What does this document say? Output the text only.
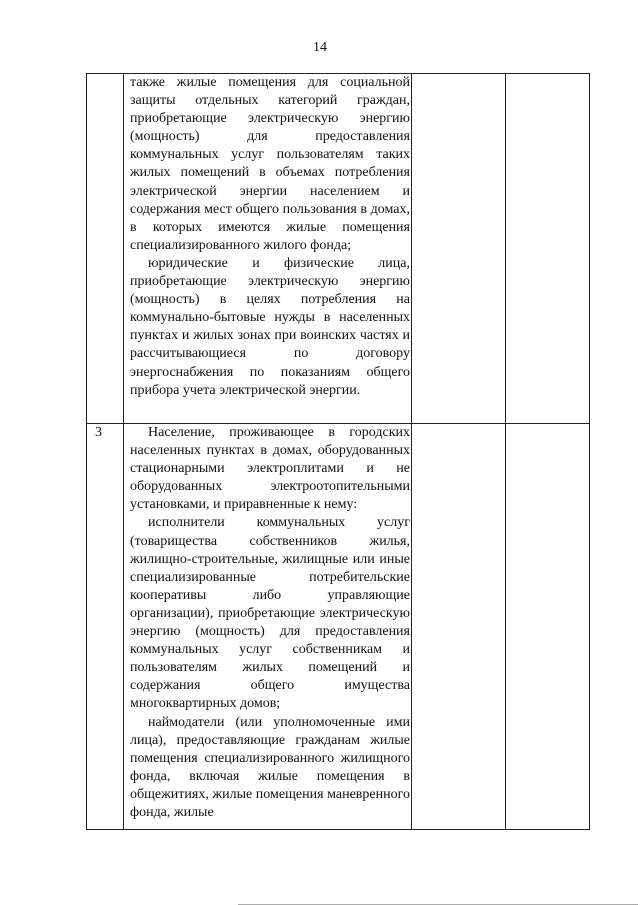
14
3

также жилые помещения для социальной защиты отдельных категорий граждан, приобретающие электрическую энергию (мощность) для предоставления коммунальных услуг пользователям таких жилых помещений в объемах потребления электрической энергии населением и содержания мест общего пользования в домах, в которых имеются жилые помещения специализированного жилого фонда;

юридические и физические лица, приобретающие электрическую энергию (мощность) в целях потребления на коммунально-бытовые нужды в населенных пунктах и жилых зонах при воинских частях и рассчитывающиеся по договору энергоснабжения по показаниям общего прибора учета электрической энергии.

Население, проживающее в городских населенных пунктах в домах, оборудованных стационарными электроплитами и не оборудованных электроотопительными установками, и приравненные к нему:

исполнители коммунальных услуг (товарищества собственников жилья, жилищно-строительные, жилищные или иные специализированные потребительские кооперативы либо управляющие организации), приобретающие электрическую энергию (мощность) для предоставления коммунальных услуг собственникам и пользователям жилых помещений и содержания общего имущества многоквартирных домов;

наймодатели (или уполномоченные ими лица), предоставляющие гражданам жилые помещения специализированного жилищного фонда, включая жилые помещения в общежитиях, жилые помещения маневренного фонда, жилые
